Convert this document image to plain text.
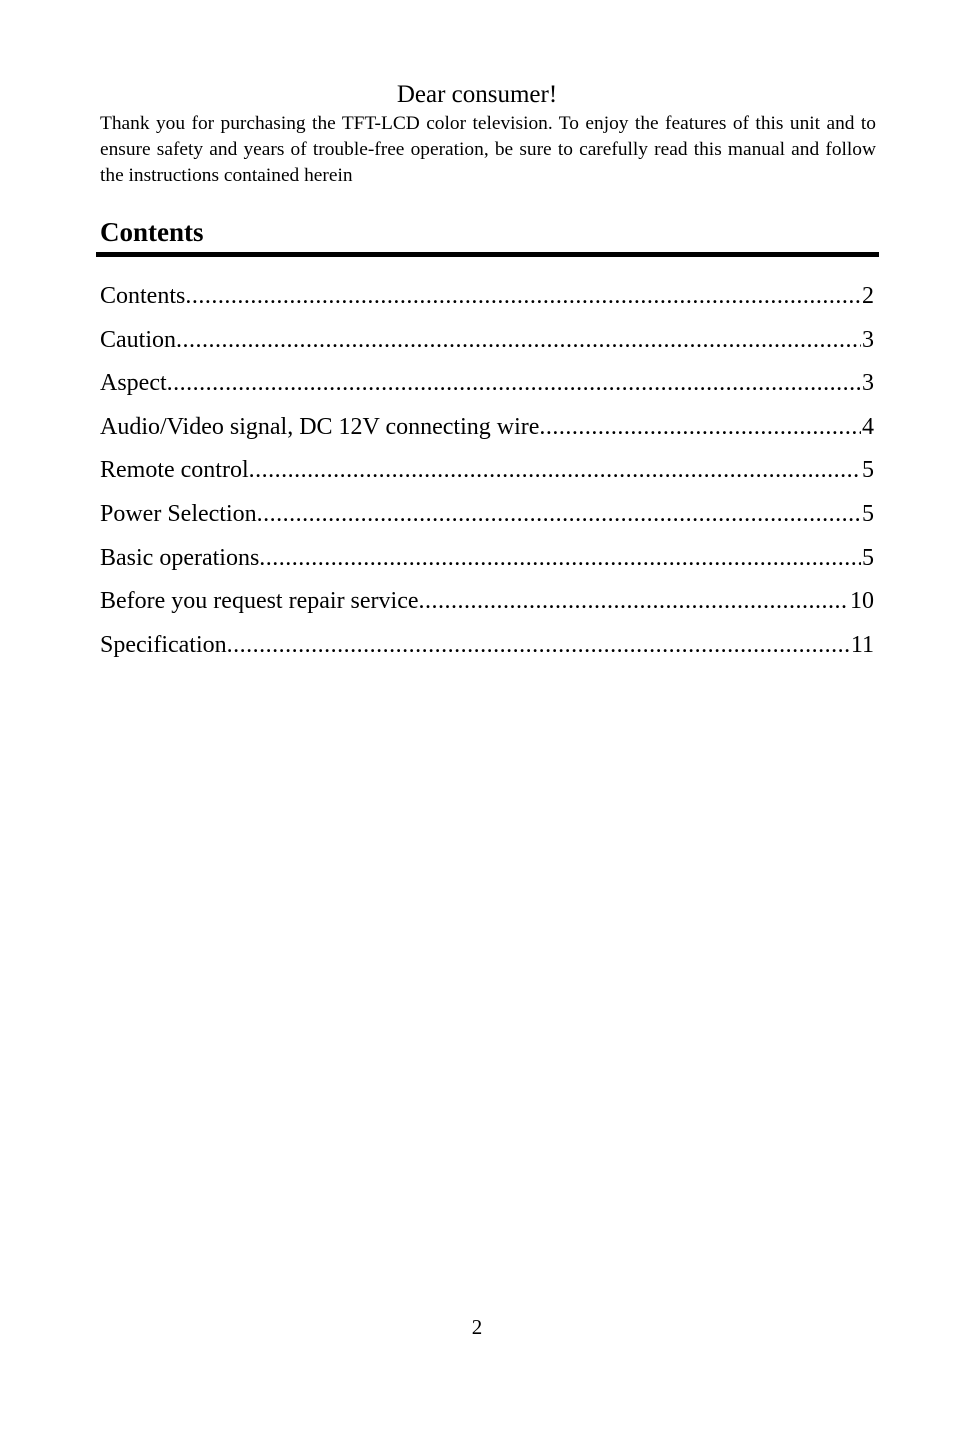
Dear consumer!

Thank you for purchasing the TFT-LCD color television. To enjoy the features of this unit and to ensure safety and years of trouble-free operation, be sure to carefully read this manual and follow the instructions contained herein

Contents
Contents .....	2
Caution .....	3
Aspect .....	3
Audio/Video signal, DC 12V connecting wire .....	4
Remote control .....	5
Power Selection .....	5
Basic operations .....	5
Before you request repair service .....	10
Specification .....	11
2
